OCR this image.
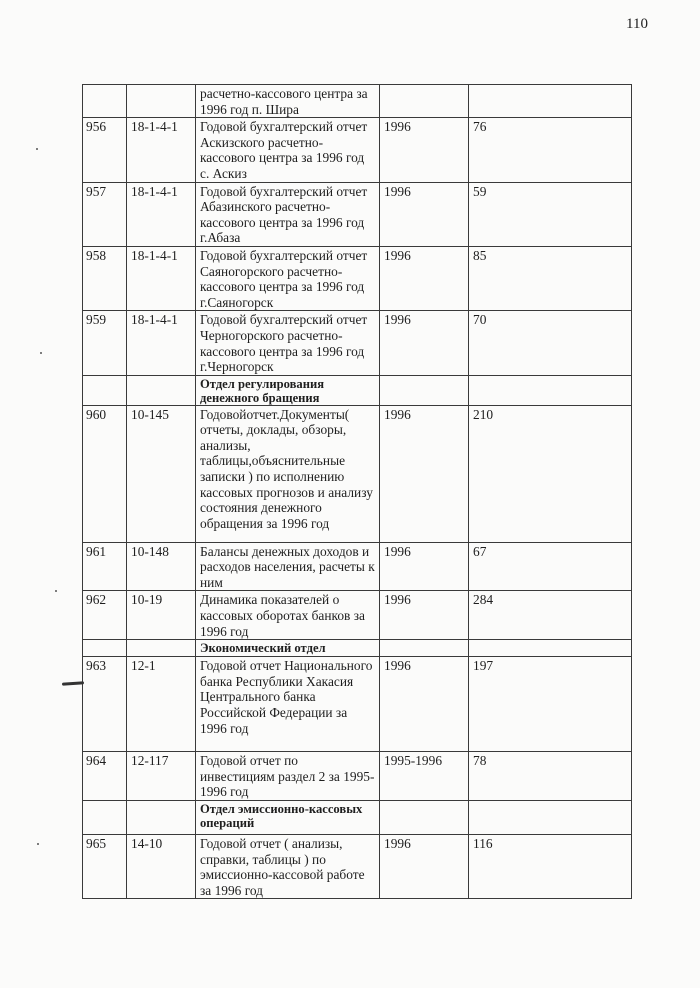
110
		расчетно-кассового центра за 1996 год п. Шира		
956	18-1-4-1	Годовой бухгалтерский отчет Аскизского расчетно-кассового центра за 1996 год с. Аскиз	1996	76
957	18-1-4-1	Годовой бухгалтерский отчет Абазинского расчетно-кассового центра за 1996 год г.Абаза	1996	59
958	18-1-4-1	Годовой бухгалтерский отчет Саяногорского расчетно-кассового центра за 1996 год г.Саяногорск	1996	85
959	18-1-4-1	Годовой бухгалтерский отчет Черногорского расчетно-кассового центра за 1996 год г.Черногорск	1996	70
		Отдел регулирования денежного бращения		
960	10-145	Годовойотчет.Документы( отчеты, доклады, обзоры, анализы, таблицы,объяснительные записки ) по исполнению кассовых прогнозов и анализу состояния денежного обращения за 1996 год	1996	210
961	10-148	Балансы денежных доходов и расходов населения, расчеты к ним	1996	67
962	10-19	Динамика показателей о кассовых оборотах банков за 1996 год	1996	284
		Экономический отдел		
963	12-1	Годовой отчет Национального банка Республики Хакасия Центрального банка Российской Федерации за 1996 год	1996	197
964	12-117	Годовой отчет по инвестициям раздел 2 за 1995-1996 год	1995-1996	78
		Отдел эмиссионно-кассовых операций		
965	14-10	Годовой отчет ( анализы, справки, таблицы ) по эмиссионно-кассовой работе за 1996 год	1996	116
